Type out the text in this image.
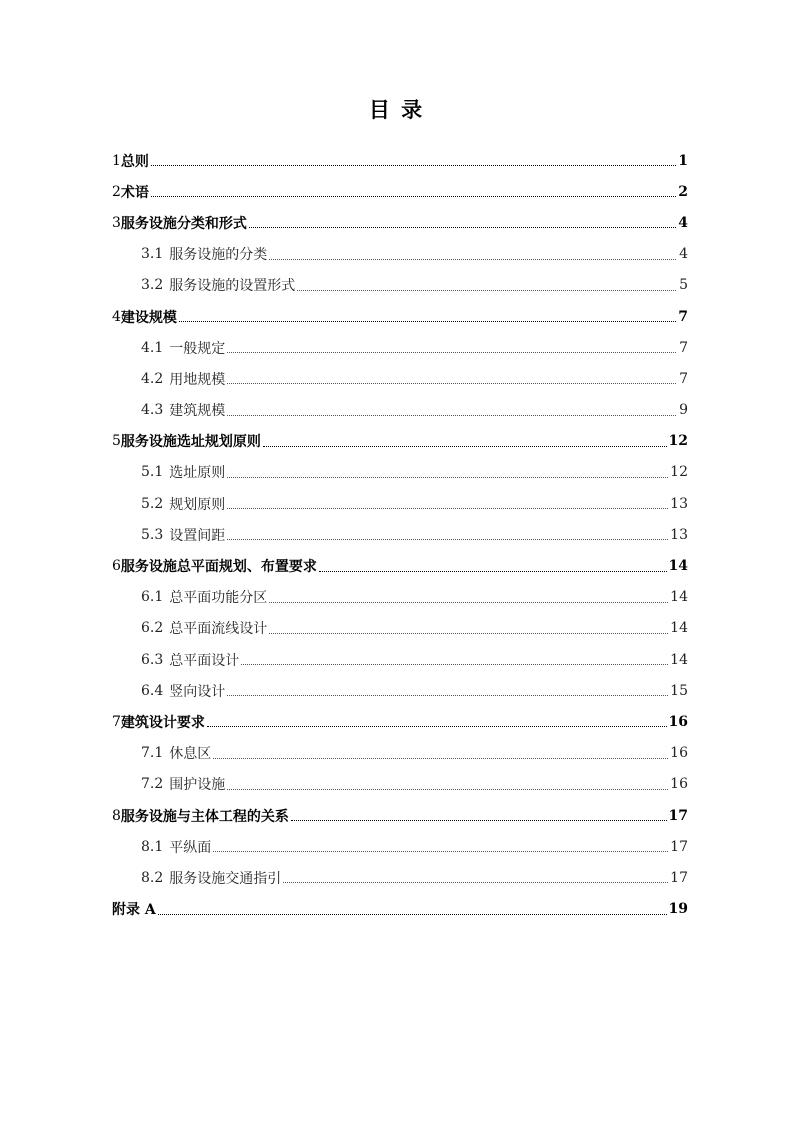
目 录
1 总则	1
2 术语	2
3 服务设施分类和形式	4
3.1 服务设施的分类	4
3.2 服务设施的设置形式	5
4 建设规模	7
4.1 一般规定	7
4.2 用地规模	7
4.3 建筑规模	9
5 服务设施选址规划原则	12
5.1 选址原则	12
5.2 规划原则	13
5.3 设置间距	13
6 服务设施总平面规划、布置要求	14
6.1 总平面功能分区	14
6.2 总平面流线设计	14
6.3 总平面设计	14
6.4 竖向设计	15
7 建筑设计要求	16
7.1 休息区	16
7.2 围护设施	16
8 服务设施与主体工程的关系	17
8.1 平纵面	17
8.2 服务设施交通指引	17
附录 A	19
